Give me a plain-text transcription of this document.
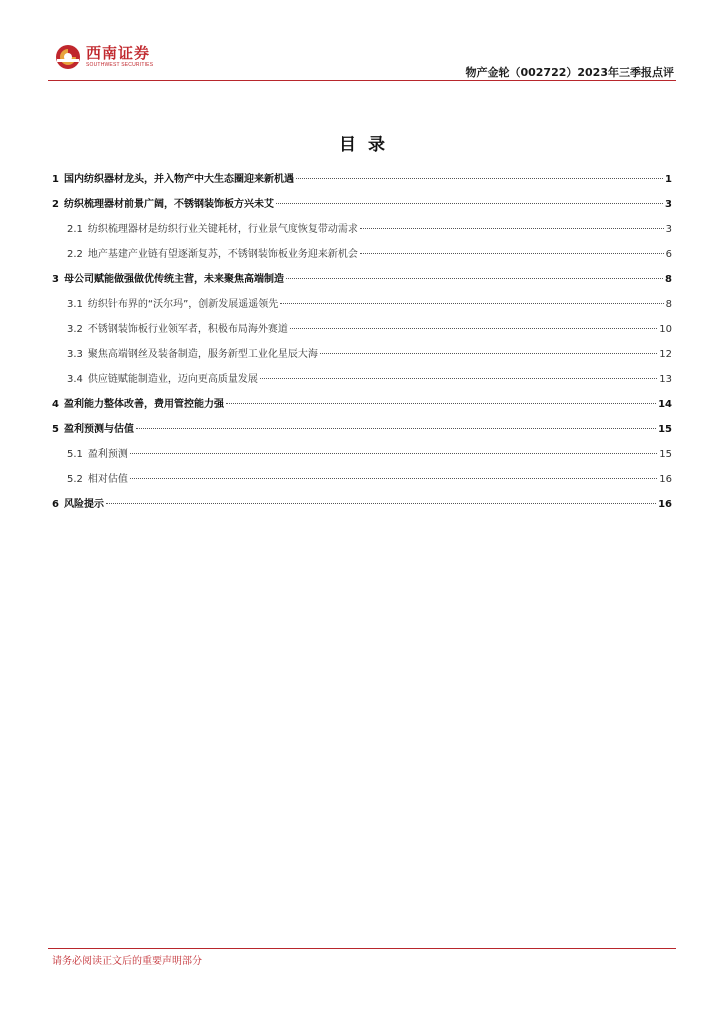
西南证券
SOUTHWEST SECURITIES
物产金轮（002722）2023年三季报点评
目录
1 国内纺织器材龙头，并入物产中大生态圈迎来新机遇	1
2 纺织梳理器材前景广阔，不锈钢装饰板方兴未艾	3
2.1 纺织梳理器材是纺织行业关键耗材，行业景气度恢复带动需求	3
2.2 地产基建产业链有望逐渐复苏，不锈钢装饰板业务迎来新机会	6
3 母公司赋能做强做优传统主营，未来聚焦高端制造	8
3.1 纺织针布界的“沃尔玛”，创新发展遥遥领先	8
3.2 不锈钢装饰板行业领军者，积极布局海外赛道	10
3.3 聚焦高端钢丝及装备制造，服务新型工业化星辰大海	12
3.4 供应链赋能制造业，迈向更高质量发展	13
4 盈利能力整体改善，费用管控能力强	14
5 盈利预测与估值	15
5.1 盈利预测	15
5.2 相对估值	16
6 风险提示	16
请务必阅读正文后的重要声明部分
